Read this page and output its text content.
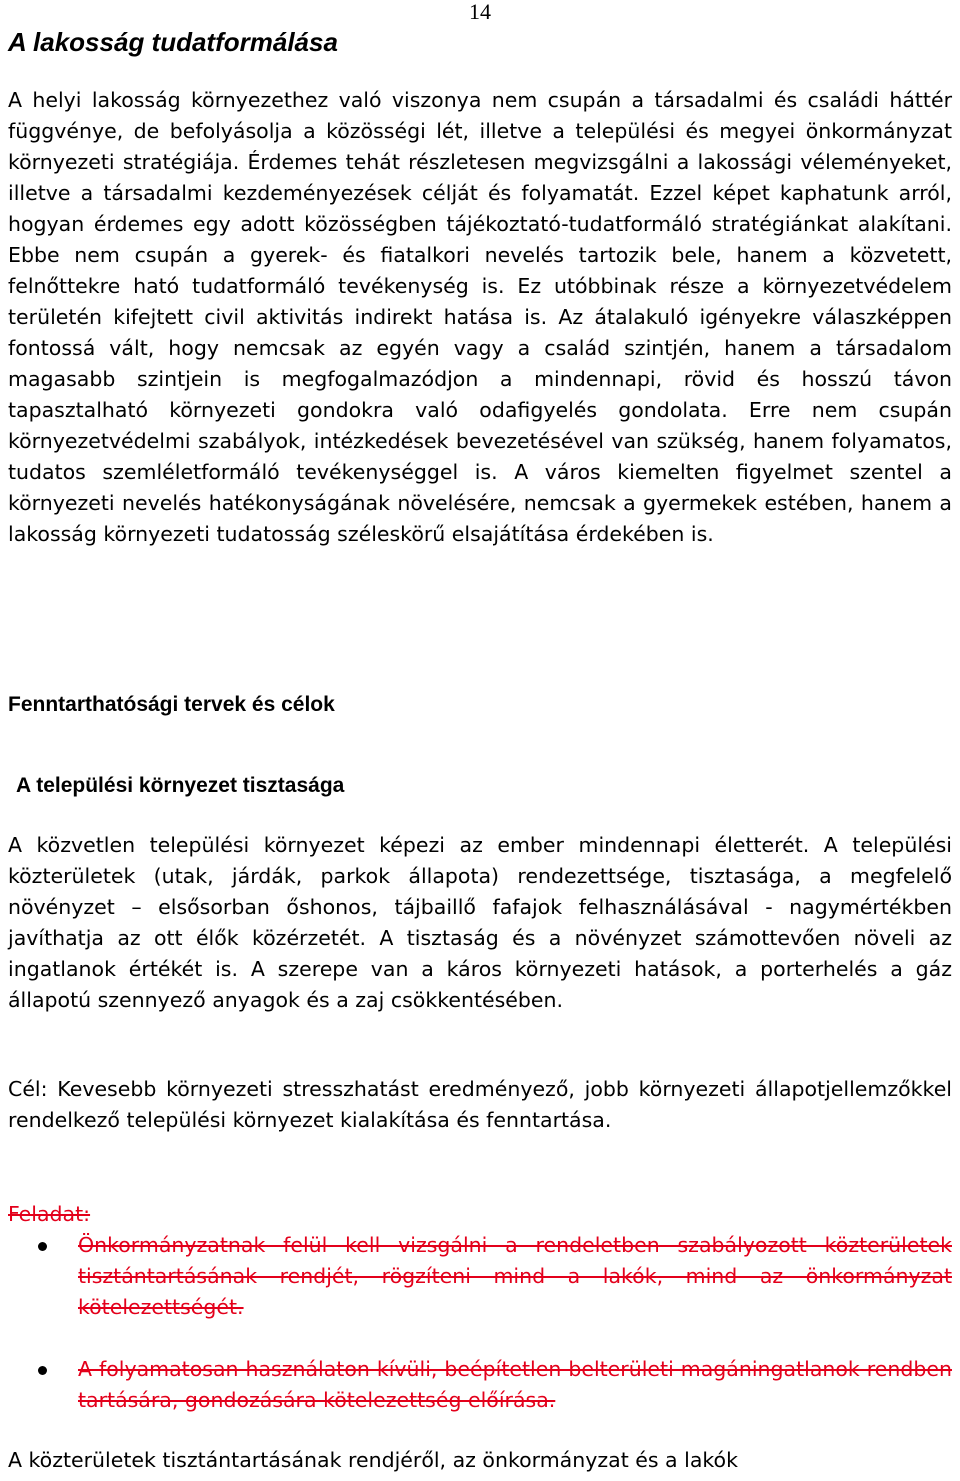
14
A lakosság tudatformálása

A helyi lakosság környezethez való viszonya nem csupán a társadalmi és családi háttér függvénye, de befolyásolja a közösségi lét, illetve a települési és megyei önkormányzat környezeti stratégiája. Érdemes tehát részletesen megvizsgálni a lakossági véleményeket, illetve a társadalmi kezdeményezések célját és folyamatát. Ezzel képet kaphatunk arról, hogyan érdemes egy adott közösségben tájékoztató-tudatformáló stratégiánkat alakítani. Ebbe nem csupán a gyerek- és fiatalkori nevelés tartozik bele, hanem a közvetett, felnőttekre ható tudatformáló tevékenység is. Ez utóbbinak része a környezetvédelem területén kifejtett civil aktivitás indirekt hatása is. Az átalakuló igényekre válaszképpen fontossá vált, hogy nemcsak az egyén vagy a család szintjén, hanem a társadalom magasabb szintjein is megfogalmazódjon a mindennapi, rövid és hosszú távon tapasztalható környezeti gondokra való odafigyelés gondolata. Erre nem csupán környezetvédelmi szabályok, intézkedések bevezetésével van szükség, hanem folyamatos, tudatos szemléletformáló tevékenységgel is. A város kiemelten figyelmet szentel a környezeti nevelés hatékonyságának növelésére, nemcsak a gyermekek estében, hanem a lakosság környezeti tudatosság széleskörű elsajátítása érdekében is.

Fenntarthatósági tervek és célok
A települési környezet tisztasága

A közvetlen települési környezet képezi az ember mindennapi életterét. A települési közterületek (utak, járdák, parkok állapota) rendezettsége, tisztasága, a megfelelő növényzet – elsősorban őshonos, tájbaillő fafajok felhasználásával - nagymértékben javíthatja az ott élők közérzetét. A tisztaság és a növényzet számottevően növeli az ingatlanok értékét is. A szerepe van a káros környezeti hatások, a porterhelés a gáz állapotú szennyező anyagok és a zaj csökkentésében.

Cél: Kevesebb környezeti stresszhatást eredményező, jobb környezeti állapotjellemzőkkel rendelkező települési környezet kialakítása és fenntartása.

Feladat:
Önkormányzatnak felül kell vizsgálni a rendeletben szabályozott közterületek tisztántartásának rendjét, rögzíteni mind a lakók, mind az önkormányzat kötelezettségét.
A folyamatosan használaton kívüli, beépítetlen belterületi magáningatlanok rendben tartására, gondozására kötelezettség előírása.

A közterületek tisztántartásának rendjéről, az önkormányzat és a lakók
